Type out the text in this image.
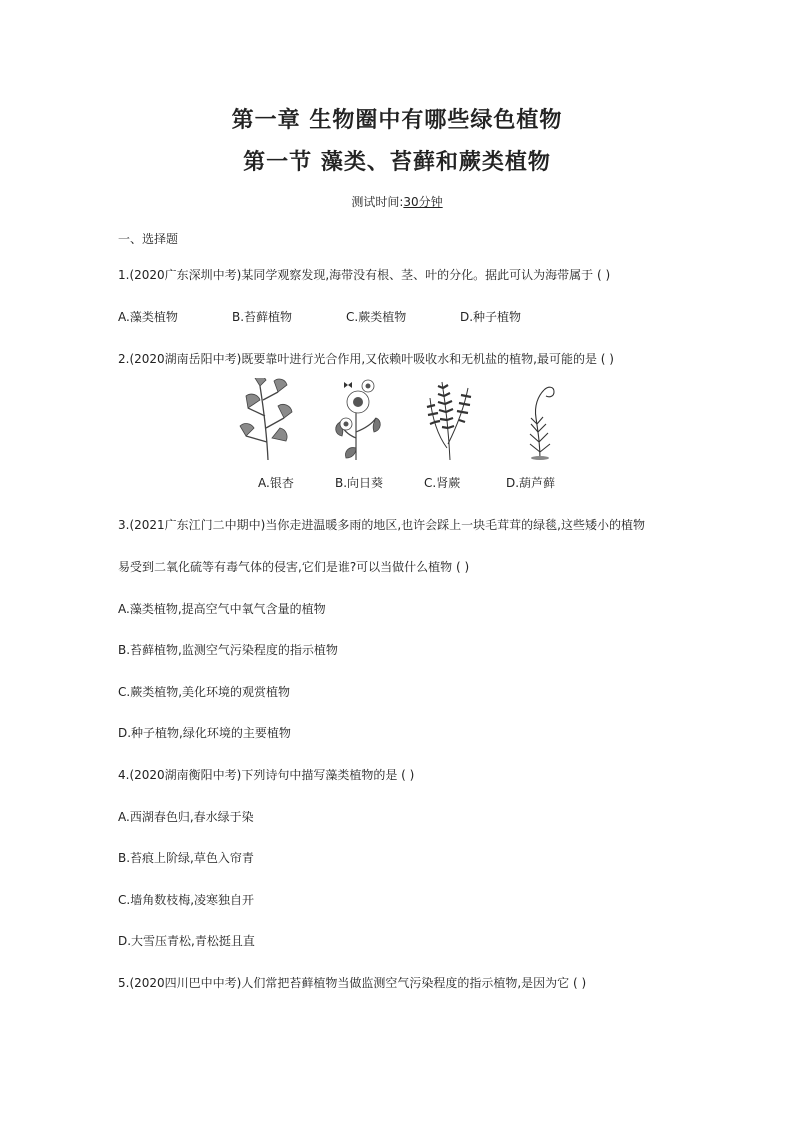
第一章 生物圈中有哪些绿色植物
第一节 藻类、苔藓和蕨类植物
测试时间:30分钟
一、选择题
1.(2020广东深圳中考)某同学观察发现,海带没有根、茎、叶的分化。据此可认为海带属于 ( )
A.藻类植物	B.苔藓植物	C.蕨类植物	D.种子植物
2.(2020湖南岳阳中考)既要靠叶进行光合作用,又依赖叶吸收水和无机盐的植物,最可能的是 ( )
A.银杏	B.向日葵	C.肾蕨	D.葫芦藓
3.(2021广东江门二中期中)当你走进温暖多雨的地区,也许会踩上一块毛茸茸的绿毯,这些矮小的植物
易受到二氧化硫等有毒气体的侵害,它们是谁?可以当做什么植物 ( )
A.藻类植物,提高空气中氧气含量的植物
B.苔藓植物,监测空气污染程度的指示植物
C.蕨类植物,美化环境的观赏植物
D.种子植物,绿化环境的主要植物
4.(2020湖南衡阳中考)下列诗句中描写藻类植物的是 ( )
A.西湖春色归,春水绿于染
B.苔痕上阶绿,草色入帘青
C.墙角数枝梅,凌寒独自开
D.大雪压青松,青松挺且直
5.(2020四川巴中中考)人们常把苔藓植物当做监测空气污染程度的指示植物,是因为它 ( )
